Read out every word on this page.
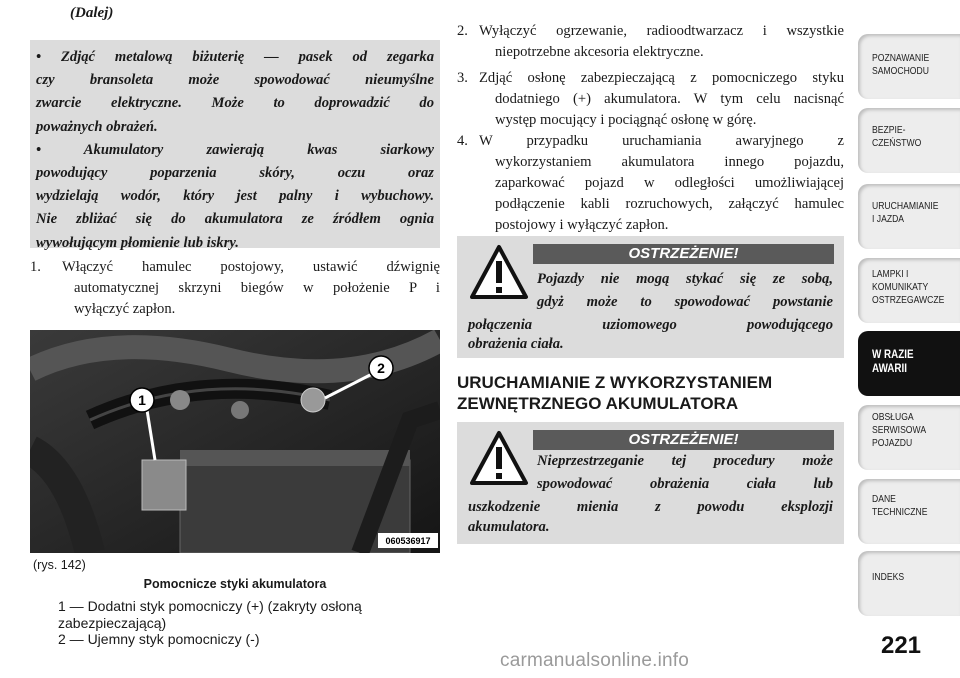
(Dalej)

• Zdjąć metalową biżuterię — pasek od zegarka

czy bransoleta może spowodować nieumyślne

zwarcie elektryczne. Może to doprowadzić do

poważnych obrażeń.

• Akumulatory zawierają kwas siarkowy

powodujący poparzenia skóry, oczu oraz

wydzielają wodór, który jest palny i wybuchowy.

Nie zbliżać się do akumulatora ze źródłem ognia

wywołującym płomienie lub iskry.

1.	Włączyć hamulec postojowy, ustawić dźwignię
automatycznej skrzyni biegów w położenie P i
wyłączyć zapłon.
1
2
060536917
(rys. 142)
Pomocnicze styki akumulatora
1 — Dodatni styk pomocniczy (+) (zakryty osłoną zabezpieczającą)
2 — Ujemny styk pomocniczy (-)
2. Wyłączyć ogrzewanie, radioodtwarzacz i wszystkie
niepotrzebne akcesoria elektryczne.
3. Zdjąć osłonę zabezpieczającą z pomocniczego styku
dodatniego (+) akumulatora. W tym celu nacisnąć
występ mocujący i pociągnąć osłonę w górę.
4. W przypadku uruchamiania awaryjnego z
wykorzystaniem akumulatora innego pojazdu,
zaparkować pojazd w odległości umożliwiającej
podłączenie kabli rozruchowych, załączyć hamulec
postojowy i wyłączyć zapłon.
OSTRZEŻENIE!
Pojazdy nie mogą stykać się ze sobą,
gdyż może to spowodować powstanie
połączenia uziomowego powodującego
obrażenia ciała.
URUCHAMIANIE Z WYKORZYSTANIEM
ZEWNĘTRZNEGO AKUMULATORA
OSTRZEŻENIE!
Nieprzestrzeganie tej procedury może
spowodować obrażenia ciała lub
uszkodzenie mienia z powodu eksplozji
akumulatora.
POZNAWANIE
SAMOCHODU
BEZPIE-
CZEŃSTWO
URUCHAMIANIE
I JAZDA
LAMPKI I
KOMUNIKATY
OSTRZEGAWCZE
W RAZIE
AWARII
OBSŁUGA
SERWISOWA
POJAZDU
DANE
TECHNICZNE
INDEKS
221
carmanualsonline.info
